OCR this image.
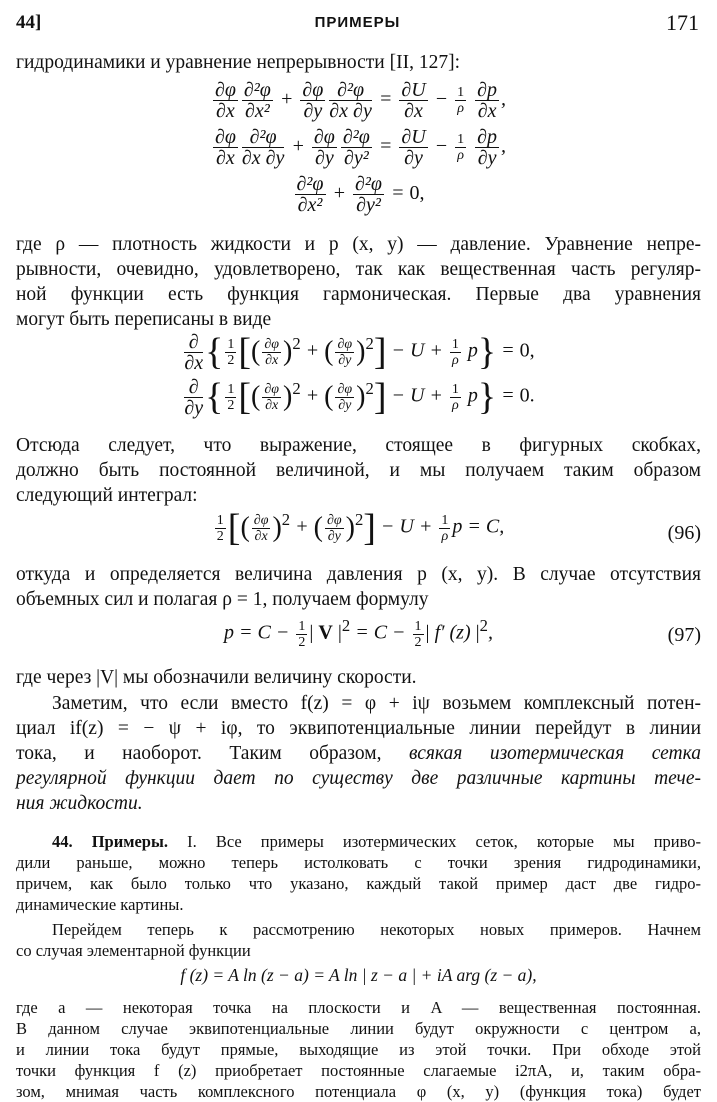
44]	ПРИМЕРЫ	171
гидродинамики и уравнение непрерывности [II, 127]:
$\frac{\partial\varphi}{\partial x} \frac{\text{∂²φ}}{\text{∂x²}} + \frac{\partial\varphi}{\partial y} \frac{\text{∂²φ}}{\partial x \partial y} = \frac{\partial U}{\partial x} - \frac{1}{\rho}$
$\frac{\partial p}{\partial x}$ ,
$\frac{\partial\varphi}{\partial x} \frac{\text{∂²φ}}{\partial x \partial y} + \frac{\partial\varphi}{\partial y} \frac{\text{∂²φ}}{\text{∂y²}} = \frac{\partial U}{\partial y} - \frac{1}{\rho}$
$\frac{\partial p}{\partial y}$ ,
$\frac{\text{∂²φ}}{\text{∂x²}} + \frac{\text{∂²φ}}{\text{∂y²}} = 0$,
где ρ — плотность жидкости и p (x, y) — давление. Уравнение непре-
рывности, очевидно, удовлетворено, так как вещественная часть регуляр-
ной функции есть функция гармоническая. Первые два уравнения
могут быть переписаны в виде
$\frac{\partial}{\partial x}$ { $\frac{1}{2}$ [( $\frac{\partial\varphi}{\partial x} )^2$ + ( $\frac{\partial\varphi}{\partial y} )^2] - U + \frac{1}{\rho} p\} = 0$,
$\frac{\partial}{\partial y}$ { $\frac{1}{2}$ [( $\frac{\partial\varphi}{\partial x} )^2$ + ( $\frac{\partial\varphi}{\partial y} )^2] - U + \frac{1}{\rho} p\} = 0$.
Отсюда следует, что выражение, стоящее в фигурных скобках,
должно быть постоянной величиной, и мы получаем таким образом
следующий интеграл:
$\frac{1}{2}$ [( $\frac{\partial\varphi}{\partial x} )^2$ + ( $\frac{\partial\varphi}{\partial y} )^2] - U + \frac{1}{\rho}$ p = C,	(96)
откуда и определяется величина давления p (x, y). В случае отсутствия
объемных сил и полагая ρ = 1, получаем формулу
$p = C - \frac{1}{2}$ | V $|^2 = C - \frac{1}{2}$ | f′ (z) $|^2$,	(97)
где через |V| мы обозначили величину скорости.
Заметим, что если вместо f(z) = φ + iψ возьмем комплексный потен-
циал if(z) = − ψ + iφ, то эквипотенциальные линии перейдут в линии
тока, и наоборот. Таким образом, всякая изотермическая сетка
регулярной функции дает по существу две различные картины тече-
ния жидкости.
44. Примеры. I. Все примеры изотермических сеток, которые мы приво-
дили раньше, можно теперь истолковать с точки зрения гидродинамики,
причем, как было только что указано, каждый такой пример даст две гидро-
динамические картины.
Перейдем теперь к рассмотрению некоторых новых примеров. Начнем
со случая элементарной функции
f (z) = A ln (z − a) = A ln | z − a | + iA arg (z − a),
где a — некоторая точка на плоскости и A — вещественная постоянная.
В данном случае эквипотенциальные линии будут окружности с центром a,
и линии тока будут прямые, выходящие из этой точки. При обходе этой
точки функция f (z) приобретает постоянные слагаемые i2πA, и, таким обра-
зом, мнимая часть комплексного потенциала φ (x, y) (функция тока) будет
